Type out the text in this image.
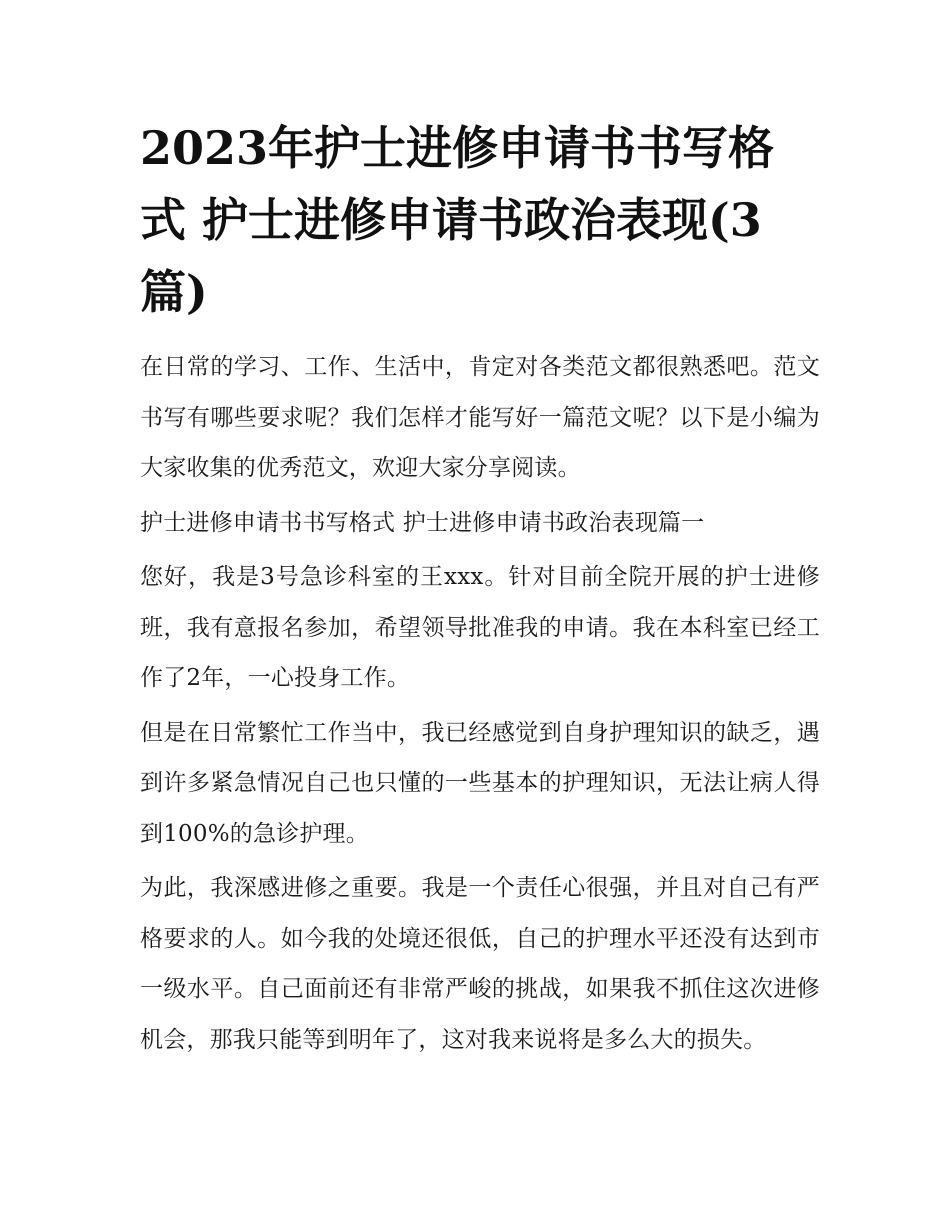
2023年护士进修申请书书写格式 护士进修申请书政治表现(3篇)

在日常的学习、工作、生活中，肯定对各类范文都很熟悉吧。范文书写有哪些要求呢？我们怎样才能写好一篇范文呢？以下是小编为大家收集的优秀范文，欢迎大家分享阅读。

护士进修申请书书写格式 护士进修申请书政治表现篇一

您好，我是3号急诊科室的王xxx。针对目前全院开展的护士进修班，我有意报名参加，希望领导批准我的申请。我在本科室已经工作了2年，一心投身工作。

但是在日常繁忙工作当中，我已经感觉到自身护理知识的缺乏，遇到许多紧急情况自己也只懂的一些基本的护理知识，无法让病人得到100%的急诊护理。

为此，我深感进修之重要。我是一个责任心很强，并且对自己有严格要求的人。如今我的处境还很低，自己的护理水平还没有达到市一级水平。自己面前还有非常严峻的挑战，如果我不抓住这次进修机会，那我只能等到明年了，这对我来说将是多么大的损失。
